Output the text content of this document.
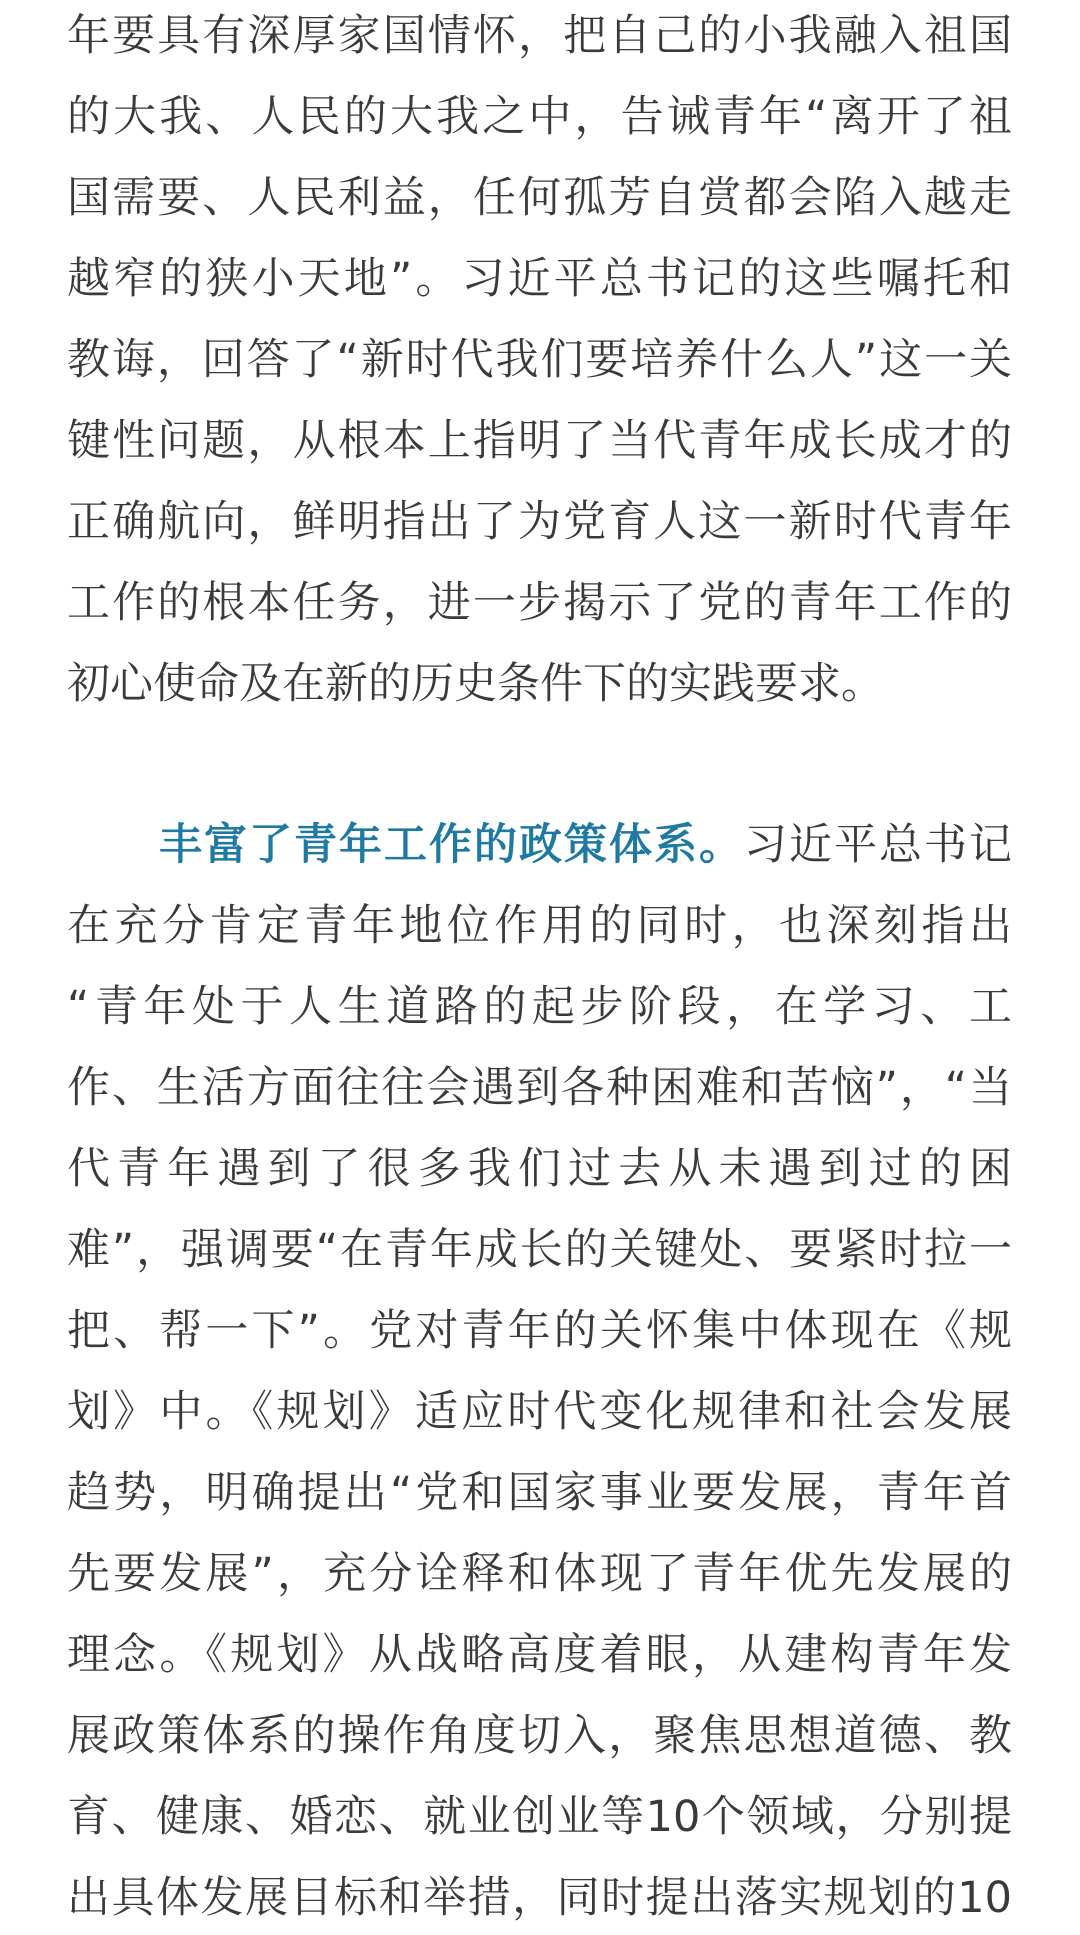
年要具有深厚家国情怀，把自己的小我融入祖国
的大我、人民的大我之中，告诫青年“离开了祖
国需要、人民利益，任何孤芳自赏都会陷入越走
越窄的狭小天地”。习近平总书记的这些嘱托和
教诲，回答了“新时代我们要培养什么人”这一关
键性问题，从根本上指明了当代青年成长成才的
正确航向，鲜明指出了为党育人这一新时代青年
工作的根本任务，进一步揭示了党的青年工作的
初心使命及在新的历史条件下的实践要求。
丰富了青年工作的政策体系。习近平总书记
在充分肯定青年地位作用的同时，也深刻指出
“青年处于人生道路的起步阶段，在学习、工
作、生活方面往往会遇到各种困难和苦恼”，“当
代青年遇到了很多我们过去从未遇到过的困
难”，强调要“在青年成长的关键处、要紧时拉一
把、帮一下”。党对青年的关怀集中体现在《规
划》中。《规划》适应时代变化规律和社会发展
趋势，明确提出“党和国家事业要发展，青年首
先要发展”，充分诠释和体现了青年优先发展的
理念。《规划》从战略高度着眼，从建构青年发
展政策体系的操作角度切入，聚焦思想道德、教
育、健康、婚恋、就业创业等10个领域，分别提
出具体发展目标和举措，同时提出落实规划的10
